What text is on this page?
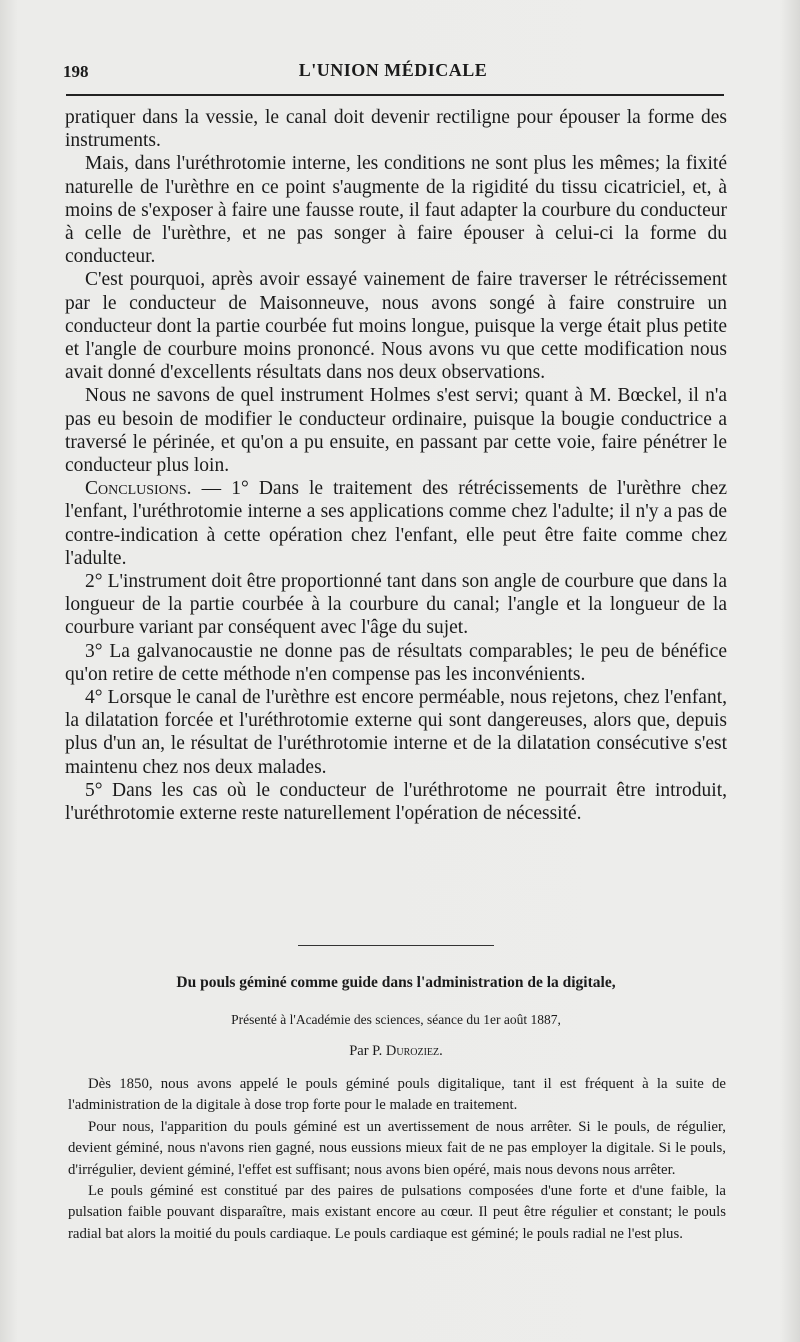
198	L'UNION MÉDICALE

pratiquer dans la vessie, le canal doit devenir rectiligne pour épouser la forme des instruments.

Mais, dans l'uréthrotomie interne, les conditions ne sont plus les mêmes; la fixité naturelle de l'urèthre en ce point s'augmente de la rigidité du tissu cicatriciel, et, à moins de s'exposer à faire une fausse route, il faut adapter la courbure du conducteur à celle de l'urèthre, et ne pas songer à faire épouser à celui-ci la forme du conducteur.

C'est pourquoi, après avoir essayé vainement de faire traverser le rétrécissement par le conducteur de Maisonneuve, nous avons songé à faire construire un conducteur dont la partie courbée fut moins longue, puisque la verge était plus petite et l'angle de courbure moins prononcé. Nous avons vu que cette modification nous avait donné d'excellents résultats dans nos deux observations.

Nous ne savons de quel instrument Holmes s'est servi; quant à M. Bœckel, il n'a pas eu besoin de modifier le conducteur ordinaire, puisque la bougie conductrice a traversé le périnée, et qu'on a pu ensuite, en passant par cette voie, faire pénétrer le conducteur plus loin.

Conclusions. — 1° Dans le traitement des rétrécissements de l'urèthre chez l'enfant, l'uréthrotomie interne a ses applications comme chez l'adulte; il n'y a pas de contre-indication à cette opération chez l'enfant, elle peut être faite comme chez l'adulte.

2° L'instrument doit être proportionné tant dans son angle de courbure que dans la longueur de la partie courbée à la courbure du canal; l'angle et la longueur de la courbure variant par conséquent avec l'âge du sujet.

3° La galvanocaustie ne donne pas de résultats comparables; le peu de bénéfice qu'on retire de cette méthode n'en compense pas les inconvénients.

4° Lorsque le canal de l'urèthre est encore perméable, nous rejetons, chez l'enfant, la dilatation forcée et l'uréthrotomie externe qui sont dangereuses, alors que, depuis plus d'un an, le résultat de l'uréthrotomie interne et de la dilatation consécutive s'est maintenu chez nos deux malades.

5° Dans les cas où le conducteur de l'uréthrotome ne pourrait être introduit, l'uréthrotomie externe reste naturellement l'opération de nécessité.

Du pouls géminé comme guide dans l'administration de la digitale,
Présenté à l'Académie des sciences, séance du 1er août 1887,
Par P. Duroziez.

Dès 1850, nous avons appelé le pouls géminé pouls digitalique, tant il est fréquent à la suite de l'administration de la digitale à dose trop forte pour le malade en traitement.

Pour nous, l'apparition du pouls géminé est un avertissement de nous arrêter. Si le pouls, de régulier, devient géminé, nous n'avons rien gagné, nous eussions mieux fait de ne pas employer la digitale. Si le pouls, d'irrégulier, devient géminé, l'effet est suffisant; nous avons bien opéré, mais nous devons nous arrêter.

Le pouls géminé est constitué par des paires de pulsations composées d'une forte et d'une faible, la pulsation faible pouvant disparaître, mais existant encore au cœur. Il peut être régulier et constant; le pouls radial bat alors la moitié du pouls cardiaque. Le pouls cardiaque est géminé; le pouls radial ne l'est plus.
